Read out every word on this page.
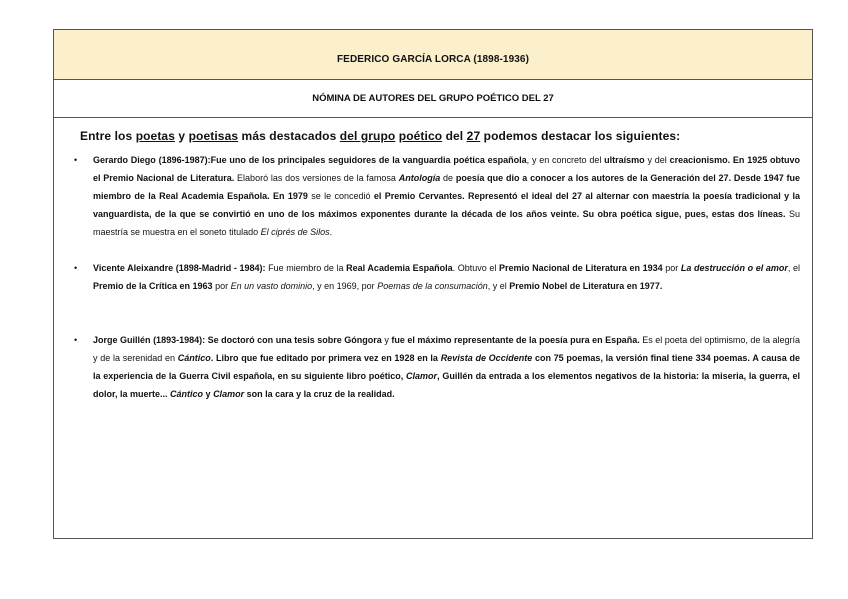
FEDERICO GARCÍA LORCA (1898-1936)
NÓMINA DE AUTORES DEL GRUPO POÉTICO DEL 27

Entre los poetas y poetisas más destacados del grupo poético del 27 podemos destacar los siguientes:

• Gerardo Diego (1896-1987):Fue uno de los principales seguidores de la vanguardia poética española, y en concreto del ultraísmo y del creacionismo. En 1925 obtuvo el Premio Nacional de Literatura. Elaboró las dos versiones de la famosa Antología de poesía que dio a conocer a los autores de la Generación del 27. Desde 1947 fue miembro de la Real Academia Española. En 1979 se le concedió el Premio Cervantes. Representó el ideal del 27 al alternar con maestría la poesía tradicional y la vanguardista, de la que se convirtió en uno de los máximos exponentes durante la década de los años veinte. Su obra poética sigue, pues, estas dos líneas. Su maestría se muestra en el soneto titulado El ciprés de Silos.
• Vicente Aleixandre (1898-Madrid - 1984): Fue miembro de la Real Academia Española. Obtuvo el Premio Nacional de Literatura en 1934 por La destrucción o el amor, el Premio de la Crítica en 1963 por En un vasto dominio, y en 1969, por Poemas de la consumación, y el Premio Nobel de Literatura en 1977.
• Jorge Guillén (1893-1984): Se doctoró con una tesis sobre Góngora y fue el máximo representante de la poesía pura en España. Es el poeta del optimismo, de la alegría y de la serenidad en Cántico. Libro que fue editado por primera vez en 1928 en la Revista de Occidente con 75 poemas, la versión final tiene 334 poemas. A causa de la experiencia de la Guerra Civil española, en su siguiente libro poético, Clamor, Guillén da entrada a los elementos negativos de la historia: la miseria, la guerra, el dolor, la muerte... Cántico y Clamor son la cara y la cruz de la realidad.
